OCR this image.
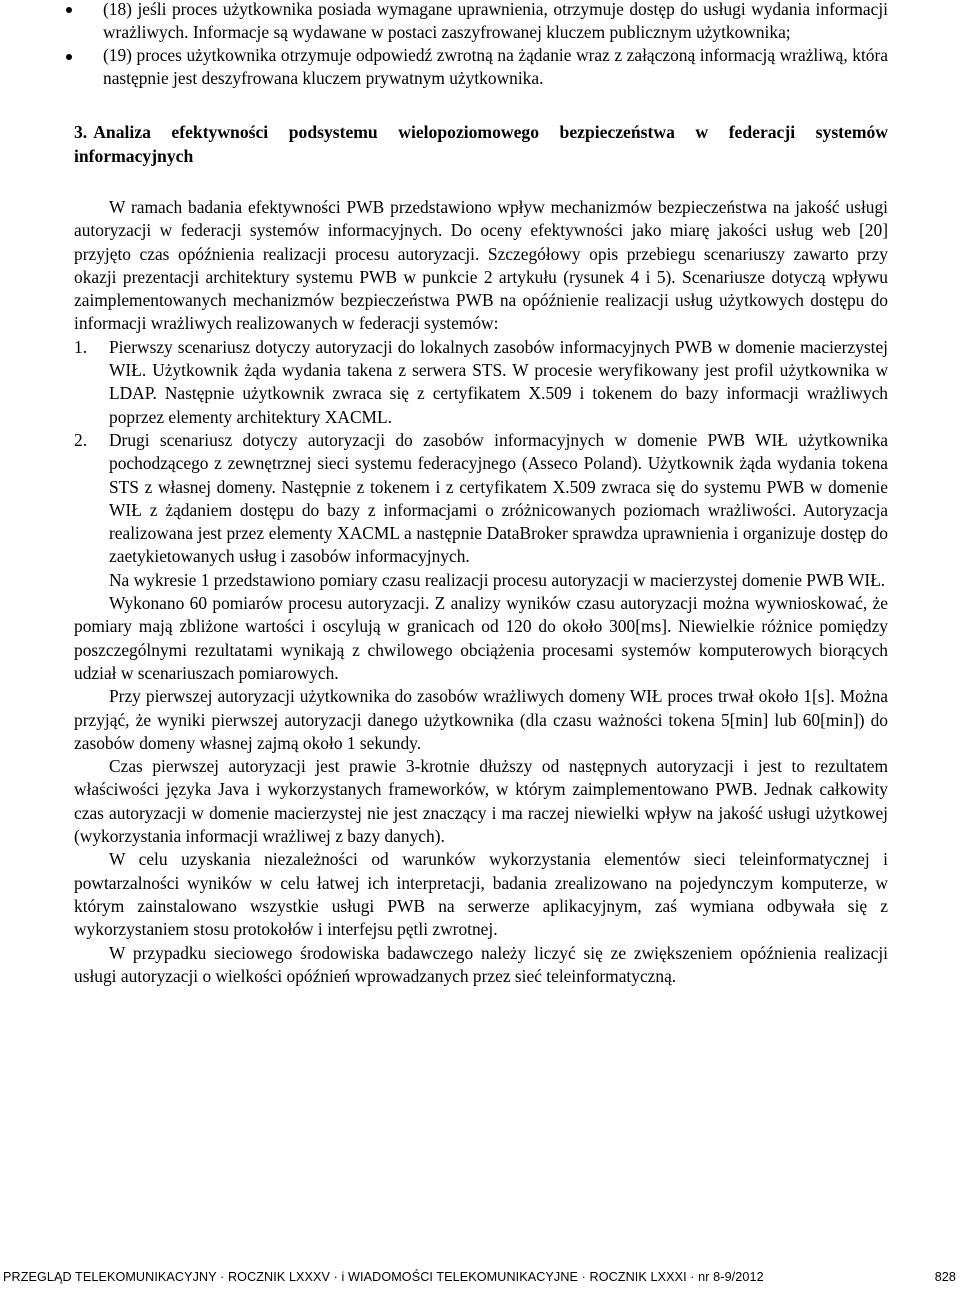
(18) jeśli proces użytkownika posiada wymagane uprawnienia, otrzymuje dostęp do usługi wydania informacji wrażliwych. Informacje są wydawane w postaci zaszyfrowanej kluczem publicznym użytkownika;
(19) proces użytkownika otrzymuje odpowiedź zwrotną na żądanie wraz z załączoną informacją wrażliwą, która następnie jest deszyfrowana kluczem prywatnym użytkownika.
3. Analiza efektywności podsystemu wielopoziomowego bezpieczeństwa w federacji systemów informacyjnych

W ramach badania efektywności PWB przedstawiono wpływ mechanizmów bezpieczeństwa na jakość usługi autoryzacji w federacji systemów informacyjnych. Do oceny efektywności jako miarę jakości usług web [20] przyjęto czas opóźnienia realizacji procesu autoryzacji. Szczegółowy opis przebiegu scenariuszy zawarto przy okazji prezentacji architektury systemu PWB w punkcie 2 artykułu (rysunek 4 i 5). Scenariusze dotyczą wpływu zaimplementowanych mechanizmów bezpieczeństwa PWB na opóźnienie realizacji usług użytkowych dostępu do informacji wrażliwych realizowanych w federacji systemów:

1. Pierwszy scenariusz dotyczy autoryzacji do lokalnych zasobów informacyjnych PWB w domenie macierzystej WIŁ. Użytkownik żąda wydania takena z serwera STS. W procesie weryfikowany jest profil użytkownika w LDAP. Następnie użytkownik zwraca się z certyfikatem X.509 i tokenem do bazy informacji wrażliwych poprzez elementy architektury XACML.
2. Drugi scenariusz dotyczy autoryzacji do zasobów informacyjnych w domenie PWB WIŁ użytkownika pochodzącego z zewnętrznej sieci systemu federacyjnego (Asseco Poland). Użytkownik żąda wydania tokena STS z własnej domeny. Następnie z tokenem i z certyfikatem X.509 zwraca się do systemu PWB w domenie WIŁ z żądaniem dostępu do bazy z informacjami o zróżnicowanych poziomach wrażliwości. Autoryzacja realizowana jest przez elementy XACML a następnie DataBroker sprawdza uprawnienia i organizuje dostęp do zaetykietowanych usług i zasobów informacyjnych.

Na wykresie 1 przedstawiono pomiary czasu realizacji procesu autoryzacji w macierzystej domenie PWB WIŁ.

Wykonano 60 pomiarów procesu autoryzacji. Z analizy wyników czasu autoryzacji można wywnioskować, że pomiary mają zbliżone wartości i oscylują w granicach od 120 do około 300[ms]. Niewielkie różnice pomiędzy poszczególnymi rezultatami wynikają z chwilowego obciążenia procesami systemów komputerowych biorących udział w scenariuszach pomiarowych.

Przy pierwszej autoryzacji użytkownika do zasobów wrażliwych domeny WIŁ proces trwał około 1[s]. Można przyjąć, że wyniki pierwszej autoryzacji danego użytkownika (dla czasu ważności tokena 5[min] lub 60[min]) do zasobów domeny własnej zajmą około 1 sekundy.

Czas pierwszej autoryzacji jest prawie 3-krotnie dłuższy od następnych autoryzacji i jest to rezultatem właściwości języka Java i wykorzystanych frameworków, w którym zaimplementowano PWB. Jednak całkowity czas autoryzacji w domenie macierzystej nie jest znaczący i ma raczej niewielki wpływ na jakość usługi użytkowej (wykorzystania informacji wrażliwej z bazy danych).

W celu uzyskania niezależności od warunków wykorzystania elementów sieci teleinformatycznej i powtarzalności wyników w celu łatwej ich interpretacji, badania zrealizowano na pojedynczym komputerze, w którym zainstalowano wszystkie usługi PWB na serwerze aplikacyjnym, zaś wymiana odbywała się z wykorzystaniem stosu protokołów i interfejsu pętli zwrotnej.

W przypadku sieciowego środowiska badawczego należy liczyć się ze zwiększeniem opóźnienia realizacji usługi autoryzacji o wielkości opóźnień wprowadzanych przez sieć teleinformatyczną.

PRZEGLĄD TELEKOMUNIKACYJNY · ROCZNIK LXXXV · i WIADOMOŚCI TELEKOMUNIKACYJNE · ROCZNIK LXXXI · nr 8-9/2012	828
